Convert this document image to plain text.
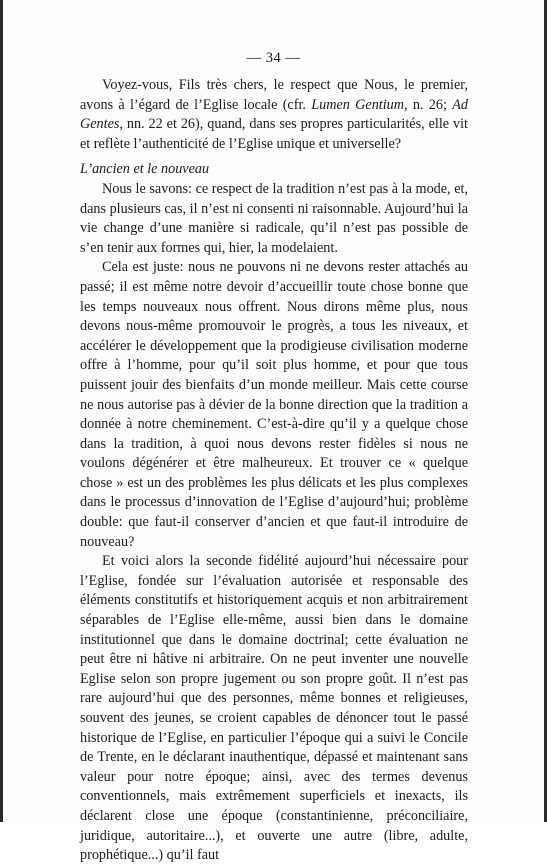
— 34 —

Voyez-vous, Fils très chers, le respect que Nous, le premier, avons à l’égard de l’Eglise locale (cfr. Lumen Gentium, n. 26; Ad Gentes, nn. 22 et 26), quand, dans ses propres particularités, elle vit et reflète l’authenticité de l’Eglise unique et universelle?

L’ancien et le nouveau

Nous le savons: ce respect de la tradition n’est pas à la mode, et, dans plusieurs cas, il n’est ni consenti ni raisonnable. Aujourd’hui la vie change d’une manière si radicale, qu’il n’est pas possible de s’en tenir aux formes qui, hier, la modelaient.

Cela est juste: nous ne pouvons ni ne devons rester attachés au passé; il est même notre devoir d’accueillir toute chose bonne que les temps nouveaux nous offrent. Nous dirons même plus, nous devons nous-même promouvoir le progrès, a tous les niveaux, et accélérer le développement que la prodigieuse civilisation moderne offre à l’homme, pour qu’il soit plus homme, et pour que tous puissent jouir des bienfaits d’un monde meilleur. Mais cette course ne nous autorise pas à dévier de la bonne direction que la tradition a donnée à notre cheminement. C’est-à-dire qu’il y a quelque chose dans la tradition, à quoi nous devons rester fidèles si nous ne voulons dégénérer et être malheureux. Et trouver ce « quelque chose » est un des problèmes les plus délicats et les plus complexes dans le processus d’innovation de l’Eglise d’aujourd’hui; problème double: que faut-il conserver d’ancien et que faut-il introduire de nouveau?

Et voici alors la seconde fidélité aujourd’hui nécessaire pour l’Eglise, fondée sur l’évaluation autorisée et responsable des éléments constitutifs et historiquement acquis et non arbitrairement séparables de l’Eglise elle-même, aussi bien dans le domaine institutionnel que dans le domaine doctrinal; cette évaluation ne peut être ni hâtive ni arbitraire. On ne peut inventer une nouvelle Eglise selon son propre jugement ou son propre goût. Il n’est pas rare aujourd’hui que des personnes, même bonnes et religieuses, souvent des jeunes, se croient capables de dénoncer tout le passé historique de l’Eglise, en particulier l’époque qui a suivi le Concile de Trente, en le déclarant inauthentique, dépassé et maintenant sans valeur pour notre époque; ainsi, avec des termes devenus conventionnels, mais extrêmement superficiels et inexacts, ils déclarent close une époque (constantinienne, préconciliaire, juridique, autoritaire...), et ouverte une autre (libre, adulte, prophétique...) qu’il faut
